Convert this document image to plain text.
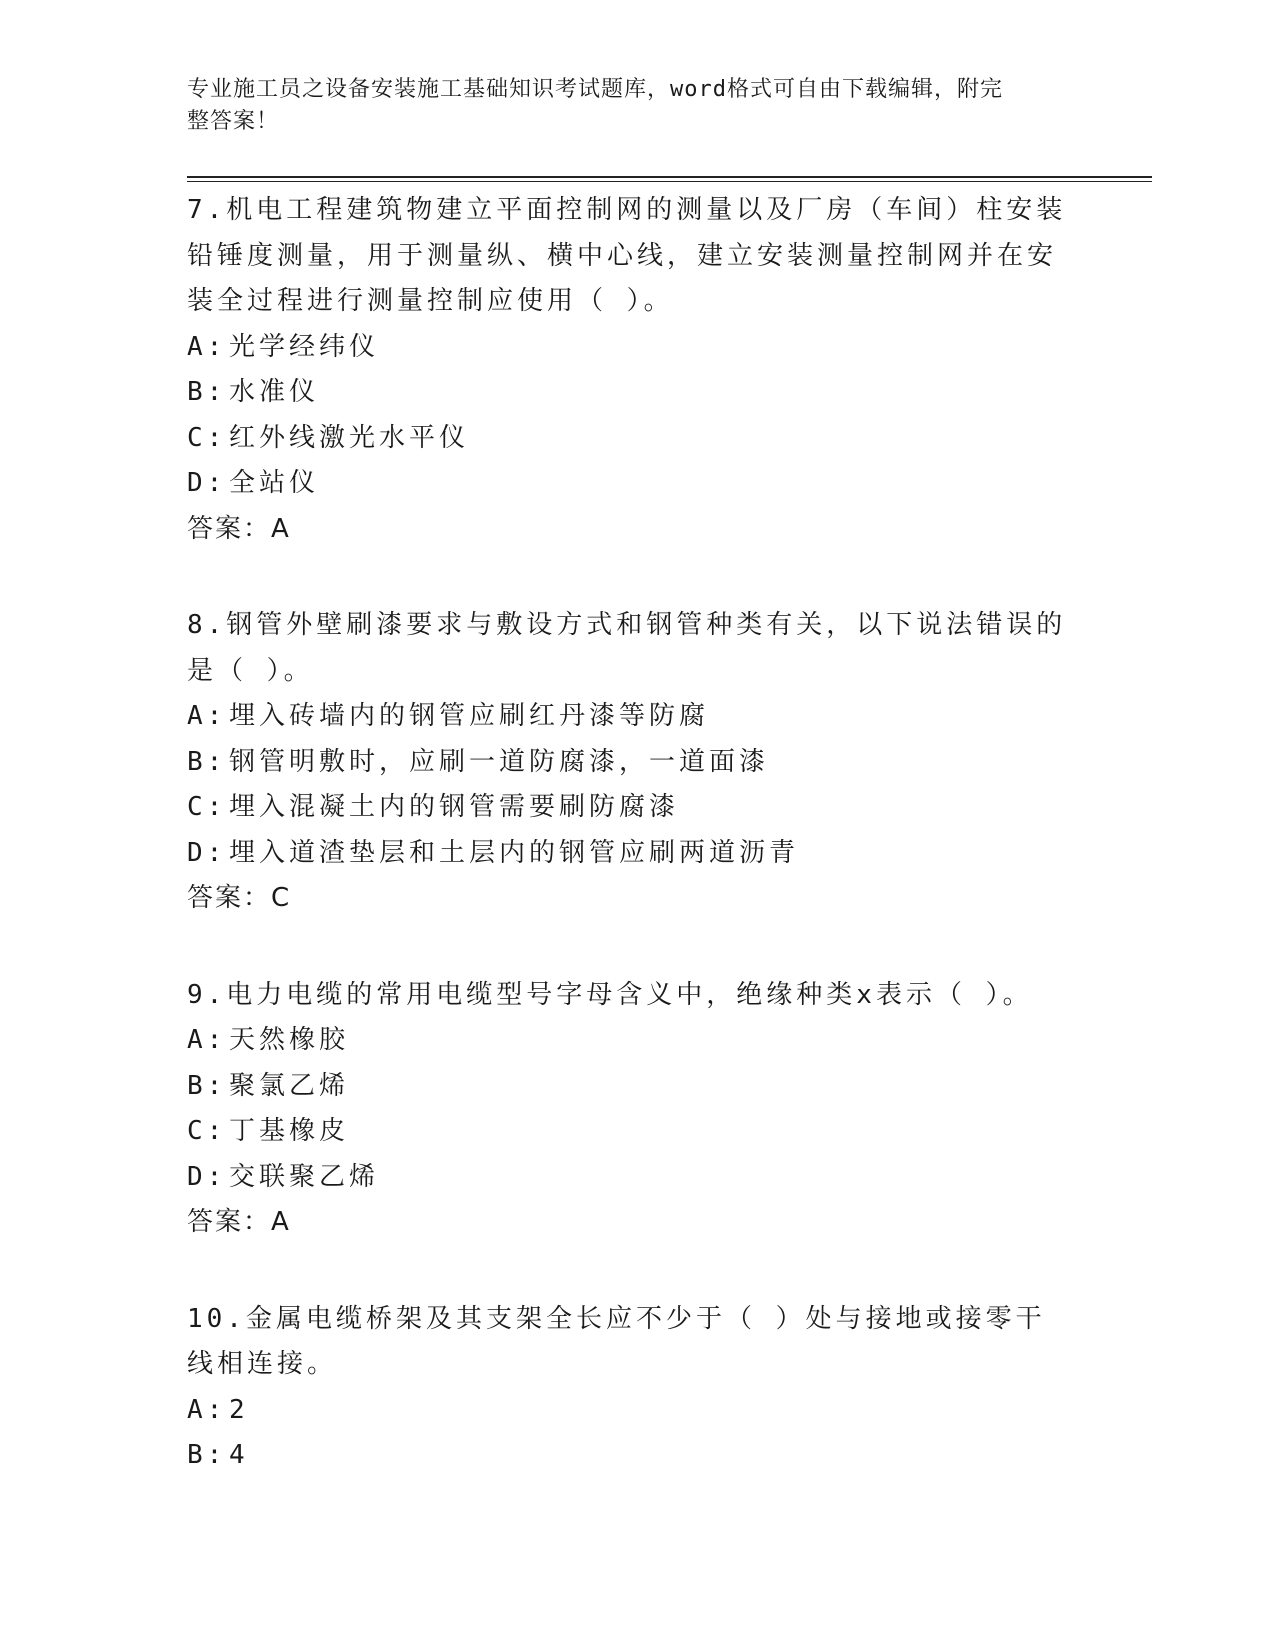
专业施工员之设备安装施工基础知识考试题库，word格式可自由下载编辑，附完
整答案！

7.机电工程建筑物建立平面控制网的测量以及厂房（车间）柱安装铅锤度测量，用于测量纵、横中心线，建立安装测量控制网并在安装全过程进行测量控制应使用（ ）。

A: 光学经纬仪
B: 水准仪
C: 红外线激光水平仪
D: 全站仪
答案：A

8.钢管外壁刷漆要求与敷设方式和钢管种类有关，以下说法错误的是（ ）。

A: 埋入砖墙内的钢管应刷红丹漆等防腐
B: 钢管明敷时，应刷一道防腐漆，一道面漆
C: 埋入混凝土内的钢管需要刷防腐漆
D: 埋入道渣垫层和土层内的钢管应刷两道沥青
答案：C

9.电力电缆的常用电缆型号字母含义中，绝缘种类x表示（ ）。

A: 天然橡胶
B: 聚氯乙烯
C: 丁基橡皮
D: 交联聚乙烯
答案：A

10.金属电缆桥架及其支架全长应不少于（ ）处与接地或接零干线相连接。

A: 2
B: 4
